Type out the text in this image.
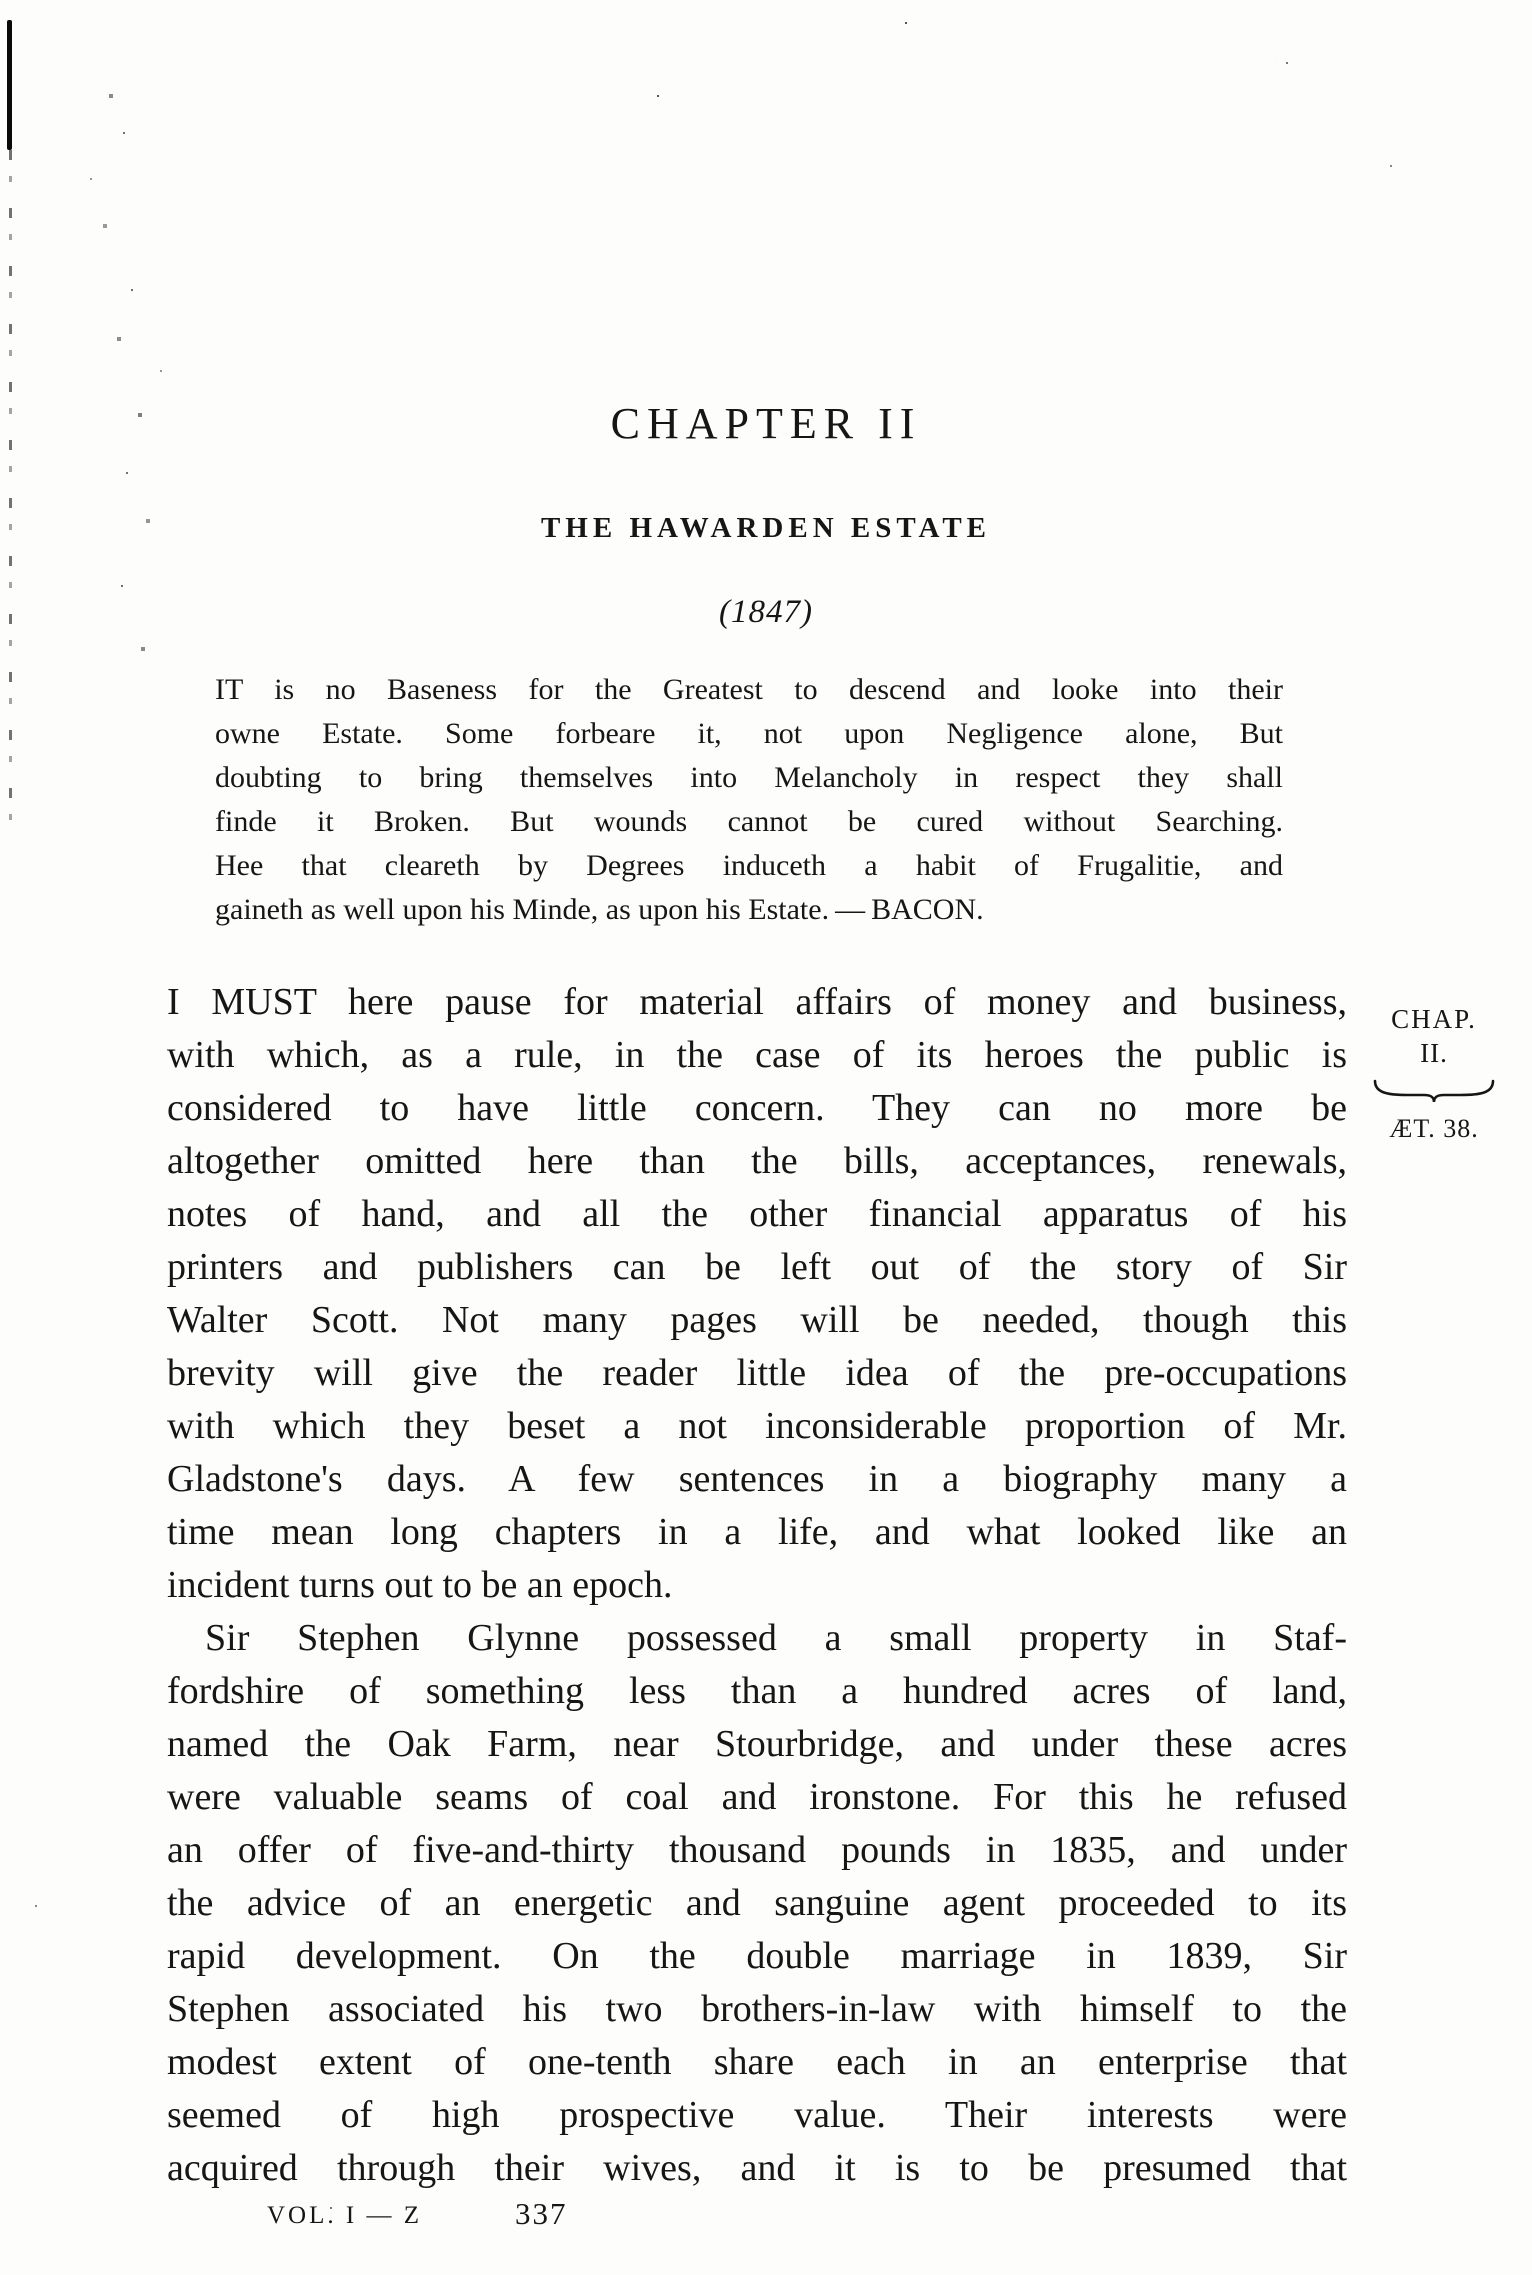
CHAPTER II
THE HAWARDEN ESTATE
(1847)
IT is no Baseness for the Greatest to descend and looke into their
owne Estate. Some forbeare it, not upon Negligence alone, But
doubting to bring themselves into Melancholy in respect they shall
finde it Broken. But wounds cannot be cured without Searching.
Hee that cleareth by Degrees induceth a habit of Frugalitie, and
gaineth as well upon his Minde, as upon his Estate. — BACON.
I MUST here pause for material affairs of money and business,
with which, as a rule, in the case of its heroes the public is
considered to have little concern. They can no more be
altogether omitted here than the bills, acceptances, renewals,
notes of hand, and all the other financial apparatus of his
printers and publishers can be left out of the story of Sir
Walter Scott. Not many pages will be needed, though this
brevity will give the reader little idea of the pre-occupations
with which they beset a not inconsiderable proportion of Mr.
Gladstone's days. A few sentences in a biography many a
time mean long chapters in a life, and what looked like an
incident turns out to be an epoch.
Sir Stephen Glynne possessed a small property in Staf-
fordshire of something less than a hundred acres of land,
named the Oak Farm, near Stourbridge, and under these acres
were valuable seams of coal and ironstone. For this he refused
an offer of five-and-thirty thousand pounds in 1835, and under
the advice of an energetic and sanguine agent proceeded to its
rapid development. On the double marriage in 1839, Sir
Stephen associated his two brothers-in-law with himself to the
modest extent of one-tenth share each in an enterprise that
seemed of high prospective value. Their interests were
acquired through their wives, and it is to be presumed that
CHAP.
II.
ÆT. 38.
VOL. I — Z	337
